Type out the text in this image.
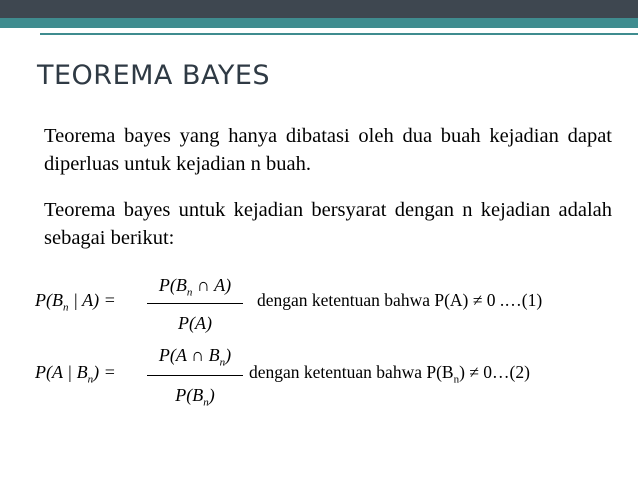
TEOREMA BAYES

Teorema bayes yang hanya dibatasi oleh dua buah kejadian dapat diperluas untuk kejadian n buah.

Teorema bayes untuk kejadian bersyarat dengan n kejadian adalah sebagai berikut:

$P(B_n$ | A) =
$P(B_n$ ∩ A)
P(A)
dengan ketentuan bahwa P(A) ≠ 0 .…(1)
P(A | $B_n$) =
P(A ∩ $B_n$)
$P(B_n)$
dengan ketentuan bahwa $P(B_n)$ ≠ 0…(2)
